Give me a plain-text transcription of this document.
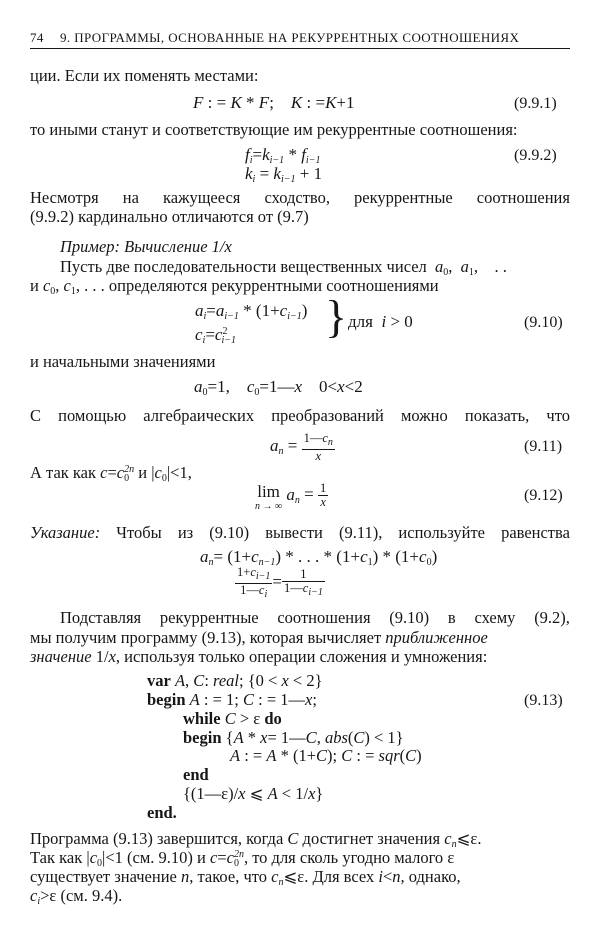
74 9. ПРОГРАММЫ, ОСНОВАННЫЕ НА РЕКУРРЕНТНЫХ СООТНОШЕНИЯХ
ции. Если их поменять местами:
F : = K * F;    K : =K+1	(9.9.1)
то иными станут и соответствующие им рекуррентные соотношения:
$f_i=k_{i-1} * f_{i-1}$
$k_i = k_{i-1} + 1$
(9.9.2)
Несмотря на кажущееся сходство, рекуррентные соотношения
(9.9.2) кардинально отличаются от (9.7)
Пример: Вычисление 1/x
Пусть две последовательности вещественных чисел $a_0$,  $a_1$,    . .
и $c_0$, $c_1$, . . . определяются рекуррентными соотношениями
$a_i=a_{i-1} * (1+c_{i-1})$
$c_i=c^2_{i-1}$ } для i > 0	(9.10)
и начальными значениями
$a_0=1$,    $c_0=1—x$    0<x<2
С помощью алгебраических преобразований можно показать, что
$a_n = \frac{1—c_n}{x}$	(9.11)
А так как $c=c_0^{2n}$ и $|c_0|<1$,
lim
n → ∞
$a_n = \frac{1}{x}$	(9.12)
Указание: Чтобы из (9.10) вывести (9.11), используйте равенства
$a_n= (1+c_{n-1})$ * . . . * $(1+c_1) * (1+c_0)$
$\frac{1+c_{i-1}}{1—c_i} = \frac{1}{1—c_{i-1}}$
Подставляя рекуррентные соотношения (9.10) в схему (9.2),
мы получим программу (9.13), которая вычисляет приближенное
значение 1/x, используя только операции сложения и умножения:
var A, C: real; {0 < x < 2}
begin A : = 1; C : = 1—x;	(9.13)
while C > ε do
begin {A * x= 1—C, abs(C) < 1}
A : = A * (1+C); C : = sqr(C)
end
{(1—ε)/x ⩽ A < 1/x}
end.
Программа (9.13) завершится, когда C достигнет значения $c_n⩽\varepsilon$.
Так как $|c_0|<1$ (см. 9.10) и $c=c_0^{2n}$, то для сколь угодно малого ε
существует значение n, такое, что $c_n⩽\varepsilon$. Для всех i<n, однако,
$c_i>\varepsilon$ (см. 9.4).
